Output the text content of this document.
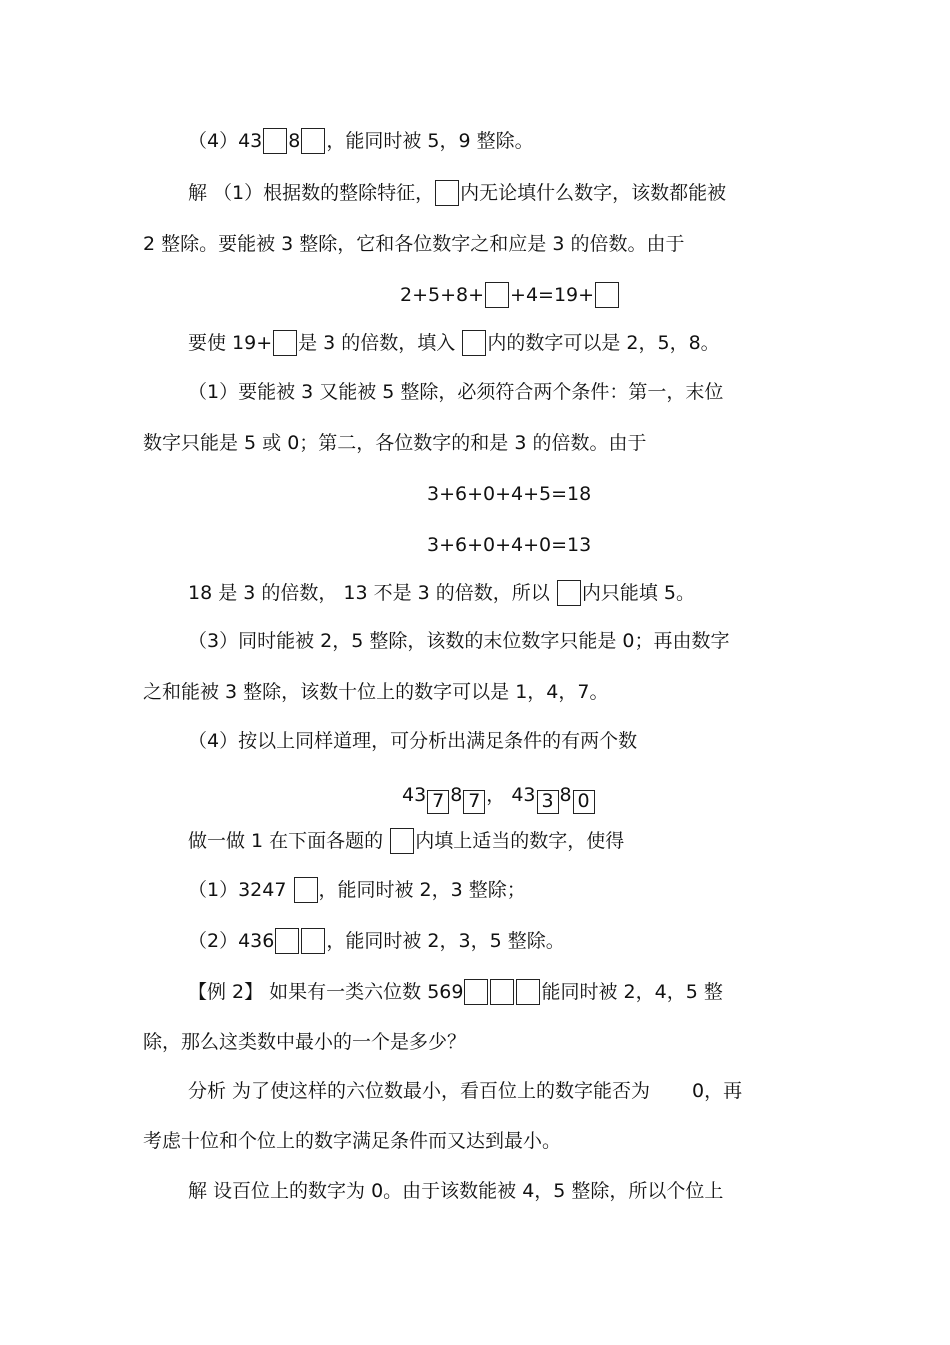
（4）43 8 ，能同时被 5，9 整除。
解 （1）根据数的整除特征， 内无论填什么数字，该数都能被
2 整除。要能被 3 整除，它和各位数字之和应是 3 的倍数。由于
2+5+8+ +4=19+
要使 19+ 是 3 的倍数，填入 内的数字可以是 2，5，8。
（1）要能被 3 又能被 5 整除，必须符合两个条件：第一，末位
数字只能是 5 或 0；第二，各位数字的和是 3 的倍数。由于
3+6+0+4+5=18
3+6+0+4+0=13
18 是 3 的倍数， 13 不是 3 的倍数，所以 内只能填 5。
（3）同时能被 2，5 整除，该数的末位数字只能是 0；再由数字
之和能被 3 整除，该数十位上的数字可以是 1，4，7。
（4）按以上同样道理，可分析出满足条件的有两个数
43 7 8 7 ， 43 3 8 0
做一做 1 在下面各题的 内填上适当的数字，使得
（1）3247 ，能同时被 2，3 整除；
（2）436	，能同时被 2，3，5 整除。
【例 2】 如果有一类六位数 569	能同时被 2，4，5 整
除，那么这类数中最小的一个是多少？
分析 为了使这样的六位数最小，看百位上的数字能否为 0，再
考虑十位和个位上的数字满足条件而又达到最小。
解 设百位上的数字为 0。由于该数能被 4，5 整除，所以个位上
